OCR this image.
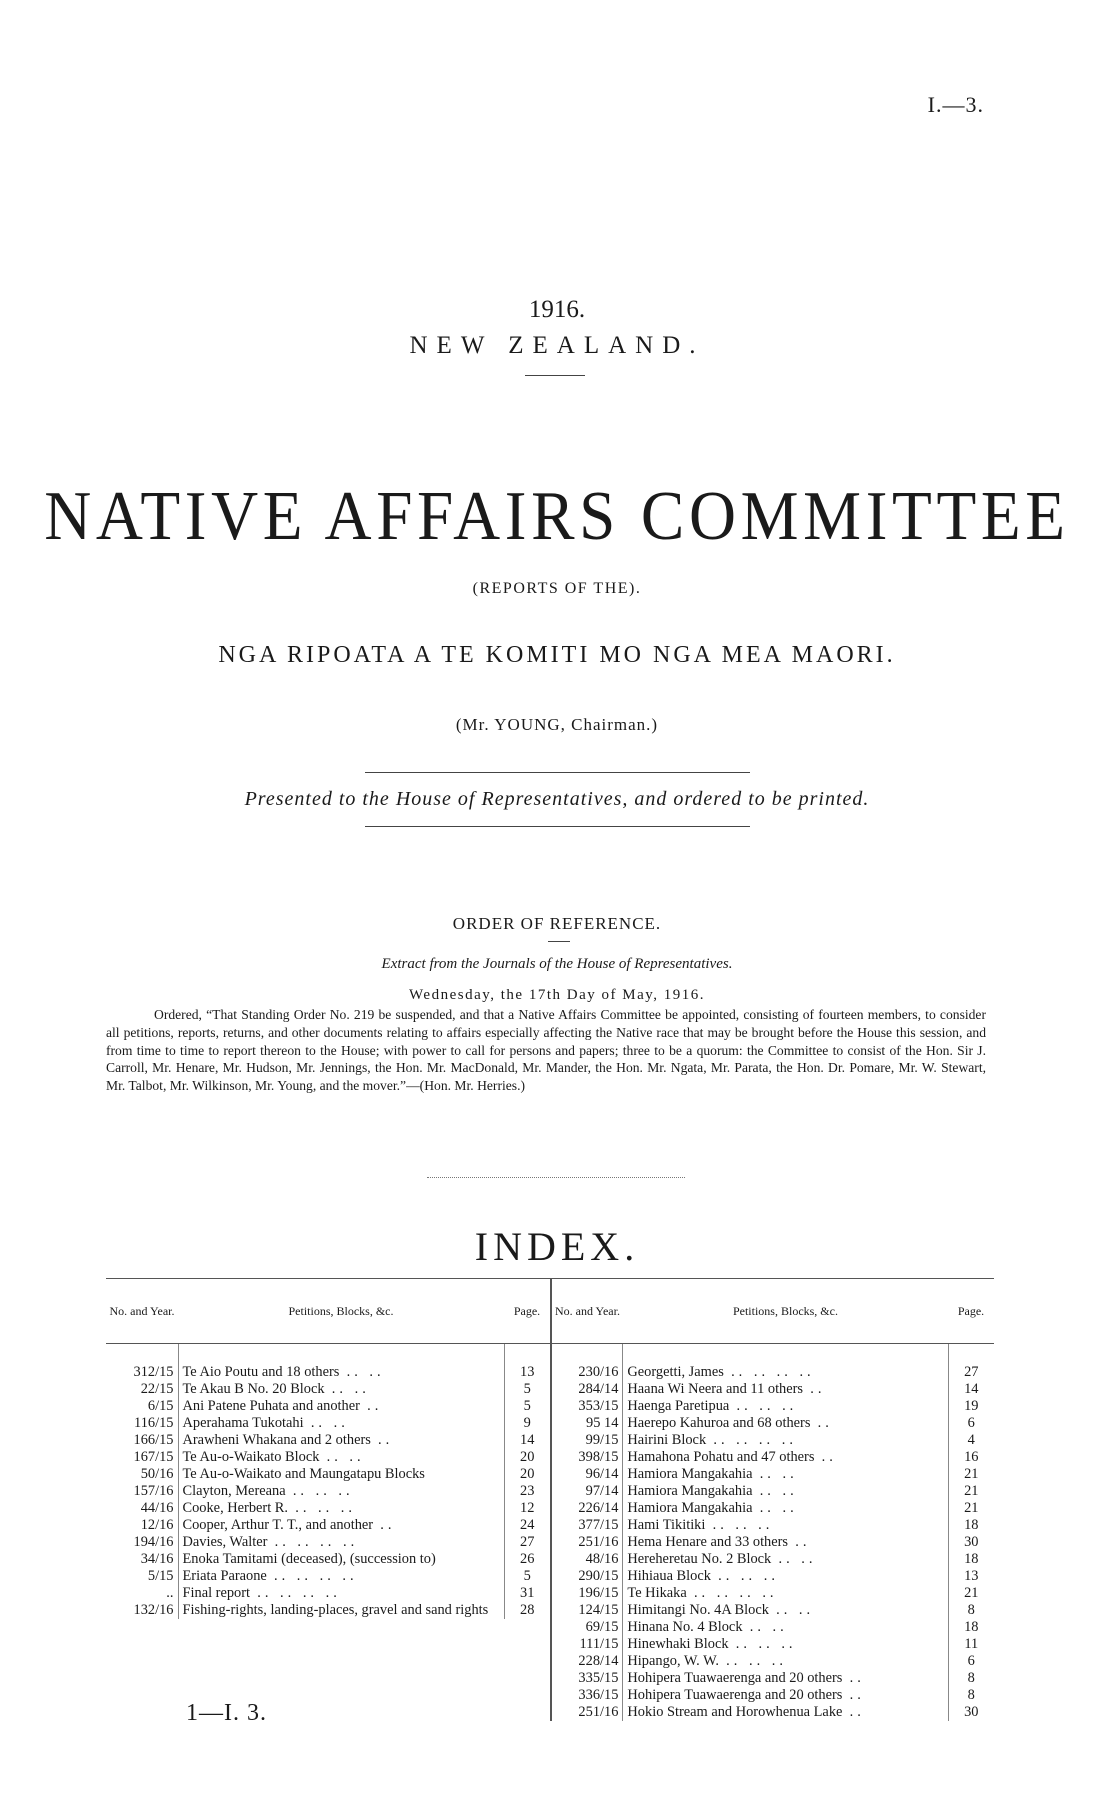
I.—3.
1916.
NEW ZEALAND.
NATIVE AFFAIRS COMMITTEE
(REPORTS OF THE).
NGA RIPOATA A TE KOMITI MO NGA MEA MAORI.
(Mr. YOUNG, Chairman.)
Presented to the House of Representatives, and ordered to be printed.
ORDER OF REFERENCE.
Extract from the Journals of the House of Representatives.
Wednesday, the 17th Day of May, 1916.
Ordered, “That Standing Order No. 219 be suspended, and that a Native Affairs Committee be appointed, consisting of fourteen members, to consider all petitions, reports, returns, and other documents relating to affairs especially affecting the Native race that may be brought before the House this session, and from time to time to report thereon to the House; with power to call for persons and papers; three to be a quorum: the Committee to consist of the Hon. Sir J. Carroll, Mr. Henare, Mr. Hudson, Mr. Jennings, the Hon. Mr. MacDonald, Mr. Mander, the Hon. Mr. Ngata, Mr. Parata, the Hon. Dr. Pomare, Mr. W. Stewart, Mr. Talbot, Mr. Wilkinson, Mr. Young, and the mover.”—(Hon. Mr. Herries.)
INDEX.
No. and Year.	Petitions, Blocks, &c.	Page.
312/15	Te Aio Poutu and 18 others .. ..	13
22/15	Te Akau B No. 20 Block .. ..	5
6/15	Ani Patene Puhata and another ..	5
116/15	Aperahama Tukotahi .. ..	9
166/15	Arawheni Whakana and 2 others ..	14
167/15	Te Au-o-Waikato Block .. ..	20
50/16	Te Au-o-Waikato and Maungatapu Blocks	20
157/16	Clayton, Mereana .. .. ..	23
44/16	Cooke, Herbert R. .. .. ..	12
12/16	Cooper, Arthur T. T., and another ..	24
194/16	Davies, Walter .. .. .. ..	27
34/16	Enoka Tamitami (deceased), (succession to)	26
5/15	Eriata Paraone .. .. .. ..	5
..	Final report .. .. .. ..	31
132/16	Fishing-rights, landing-places, gravel and sand rights	28
No. and Year.	Petitions, Blocks, &c.	Page.
230/16	Georgetti, James .. .. .. ..	27
284/14	Haana Wi Neera and 11 others ..	14
353/15	Haenga Paretipua .. .. ..	19
95 14	Haerepo Kahuroa and 68 others ..	6
99/15	Hairini Block .. .. .. ..	4
398/15	Hamahona Pohatu and 47 others ..	16
96/14	Hamiora Mangakahia .. ..	21
97/14	Hamiora Mangakahia .. ..	21
226/14	Hamiora Mangakahia .. ..	21
377/15	Hami Tikitiki .. .. ..	18
251/16	Hema Henare and 33 others ..	30
48/16	Hereheretau No. 2 Block .. ..	18
290/15	Hihiaua Block .. .. ..	13
196/15	Te Hikaka .. .. .. ..	21
124/15	Himitangi No. 4A Block .. ..	8
69/15	Hinana No. 4 Block .. ..	18
111/15	Hinewhaki Block .. .. ..	11
228/14	Hipango, W. W. .. .. ..	6
335/15	Hohipera Tuawaerenga and 20 others ..	8
336/15	Hohipera Tuawaerenga and 20 others ..	8
251/16	Hokio Stream and Horowhenua Lake ..	30
1—I. 3.
